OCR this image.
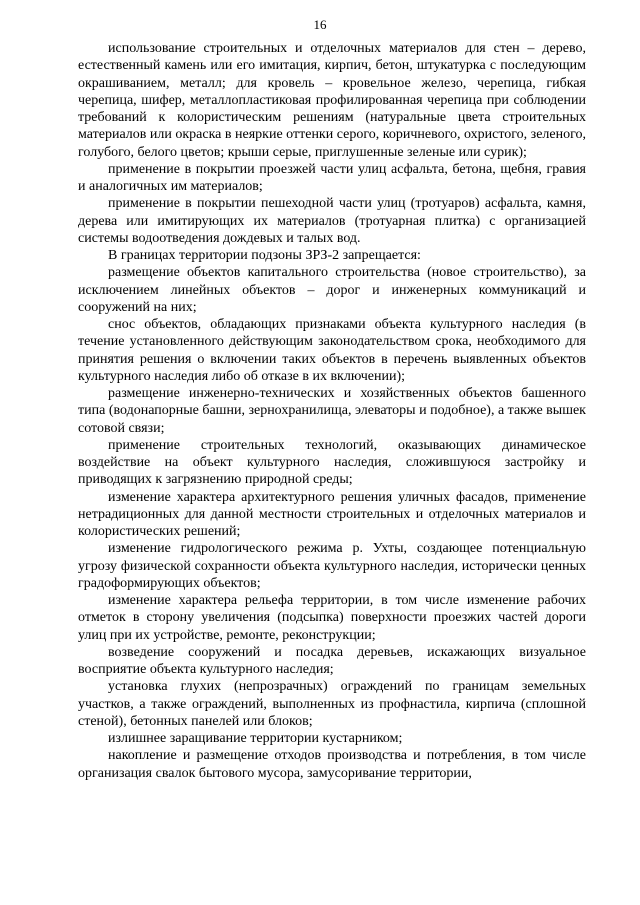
16

использование строительных и отделочных материалов для стен – дерево, естественный камень или его имитация, кирпич, бетон, штукатурка с последующим окрашиванием, металл; для кровель – кровельное железо, черепица, гибкая черепица, шифер, металлопластиковая профилированная черепица при соблюдении требований к колористическим решениям (натуральные цвета строительных материалов или окраска в неяркие оттенки серого, коричневого, охристого, зеленого, голубого, белого цветов; крыши серые, приглушенные зеленые или сурик);

применение в покрытии проезжей части улиц асфальта, бетона, щебня, гравия и аналогичных им материалов;

применение в покрытии пешеходной части улиц (тротуаров) асфальта, камня, дерева или имитирующих их материалов (тротуарная плитка) с организацией системы водоотведения дождевых и талых вод.

В границах территории подзоны ЗРЗ-2 запрещается:

размещение объектов капитального строительства (новое строительство), за исключением линейных объектов – дорог и инженерных коммуникаций и сооружений на них;

снос объектов, обладающих признаками объекта культурного наследия (в течение установленного действующим законодательством срока, необходимого для принятия решения о включении таких объектов в перечень выявленных объектов культурного наследия либо об отказе в их включении);

размещение инженерно-технических и хозяйственных объектов башенного типа (водонапорные башни, зернохранилища, элеваторы и подобное), а также вышек сотовой связи;

применение строительных технологий, оказывающих динамическое воздействие на объект культурного наследия, сложившуюся застройку и приводящих к загрязнению природной среды;

изменение характера архитектурного решения уличных фасадов, применение нетрадиционных для данной местности строительных и отделочных материалов и колористических решений;

изменение гидрологического режима р. Ухты, создающее потенциальную угрозу физической сохранности объекта культурного наследия, исторически ценных градоформирующих объектов;

изменение характера рельефа территории, в том числе изменение рабочих отметок в сторону увеличения (подсыпка) поверхности проезжих частей дороги улиц при их устройстве, ремонте, реконструкции;

возведение сооружений и посадка деревьев, искажающих визуальное восприятие объекта культурного наследия;

установка глухих (непрозрачных) ограждений по границам земельных участков, а также ограждений, выполненных из профнастила, кирпича (сплошной стеной), бетонных панелей или блоков;

излишнее заращивание территории кустарником;

накопление и размещение отходов производства и потребления, в том числе организация свалок бытового мусора, замусоривание территории,
